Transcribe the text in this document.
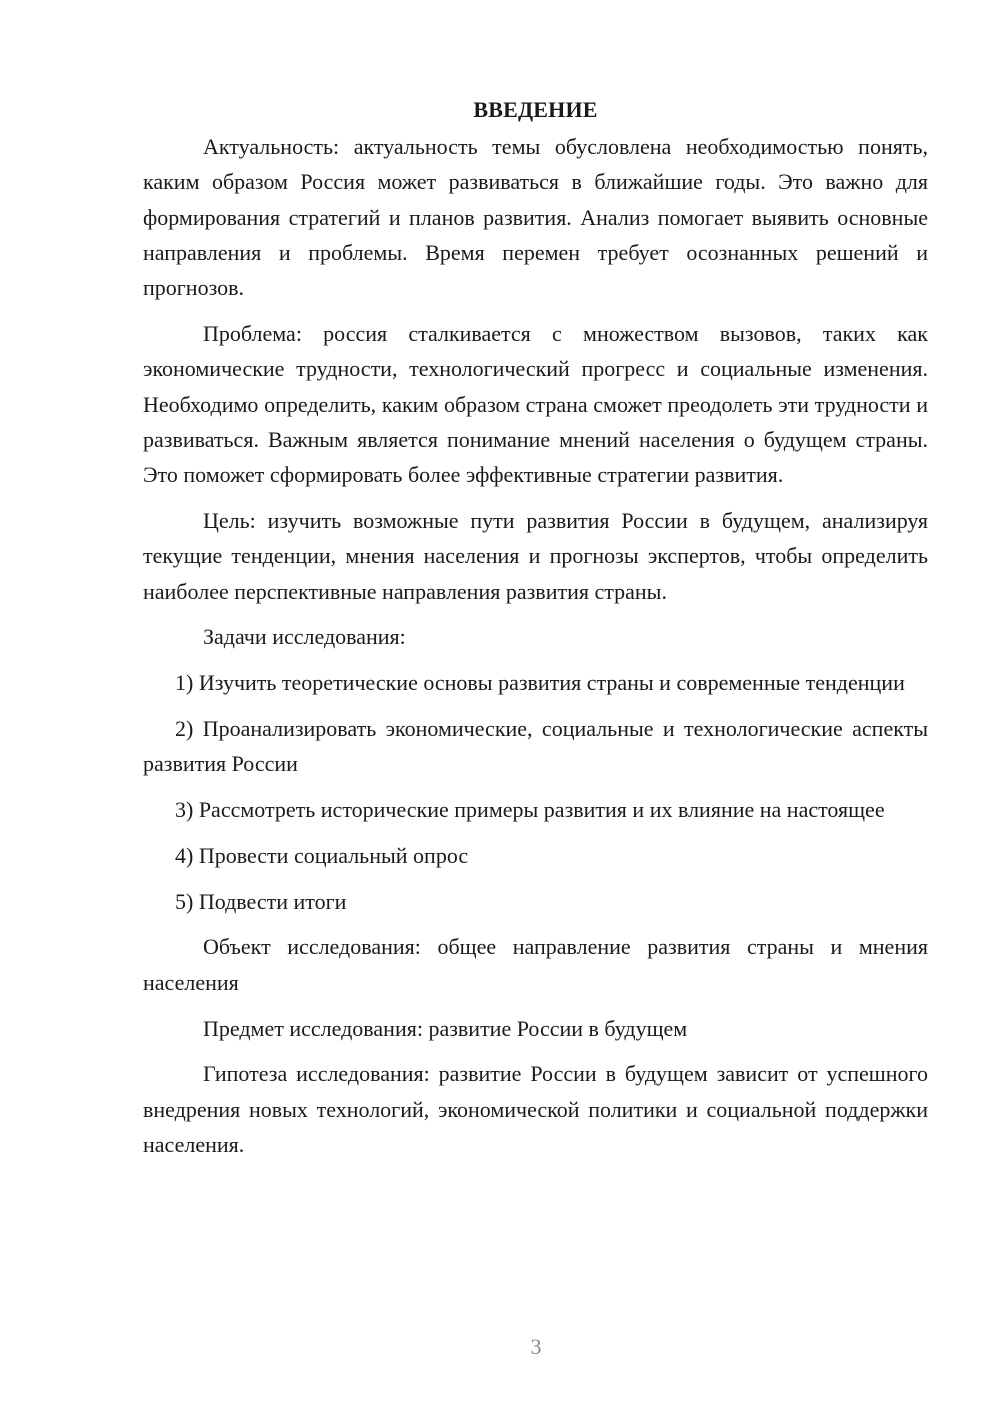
ВВЕДЕНИЕ

Актуальность: актуальность темы обусловлена необходимостью понять, каким образом Россия может развиваться в ближайшие годы. Это важно для формирования стратегий и планов развития. Анализ помогает выявить основные направления и проблемы. Время перемен требует осознанных решений и прогнозов.

Проблема: россия сталкивается с множеством вызовов, таких как экономические трудности, технологический прогресс и социальные изменения. Необходимо определить, каким образом страна сможет преодолеть эти трудности и развиваться. Важным является понимание мнений населения о будущем страны. Это поможет сформировать более эффективные стратегии развития.

Цель: изучить возможные пути развития России в будущем, анализируя текущие тенденции, мнения населения и прогнозы экспертов, чтобы определить наиболее перспективные направления развития страны.

Задачи исследования:

1) Изучить теоретические основы развития страны и современные тенденции

2) Проанализировать экономические, социальные и технологические аспекты развития России

3) Рассмотреть исторические примеры развития и их влияние на настоящее

4) Провести социальный опрос

5) Подвести итоги

Объект исследования: общее направление развития страны и мнения населения

Предмет исследования: развитие России в будущем

Гипотеза исследования: развитие России в будущем зависит от успешного внедрения новых технологий, экономической политики и социальной поддержки населения.

3
